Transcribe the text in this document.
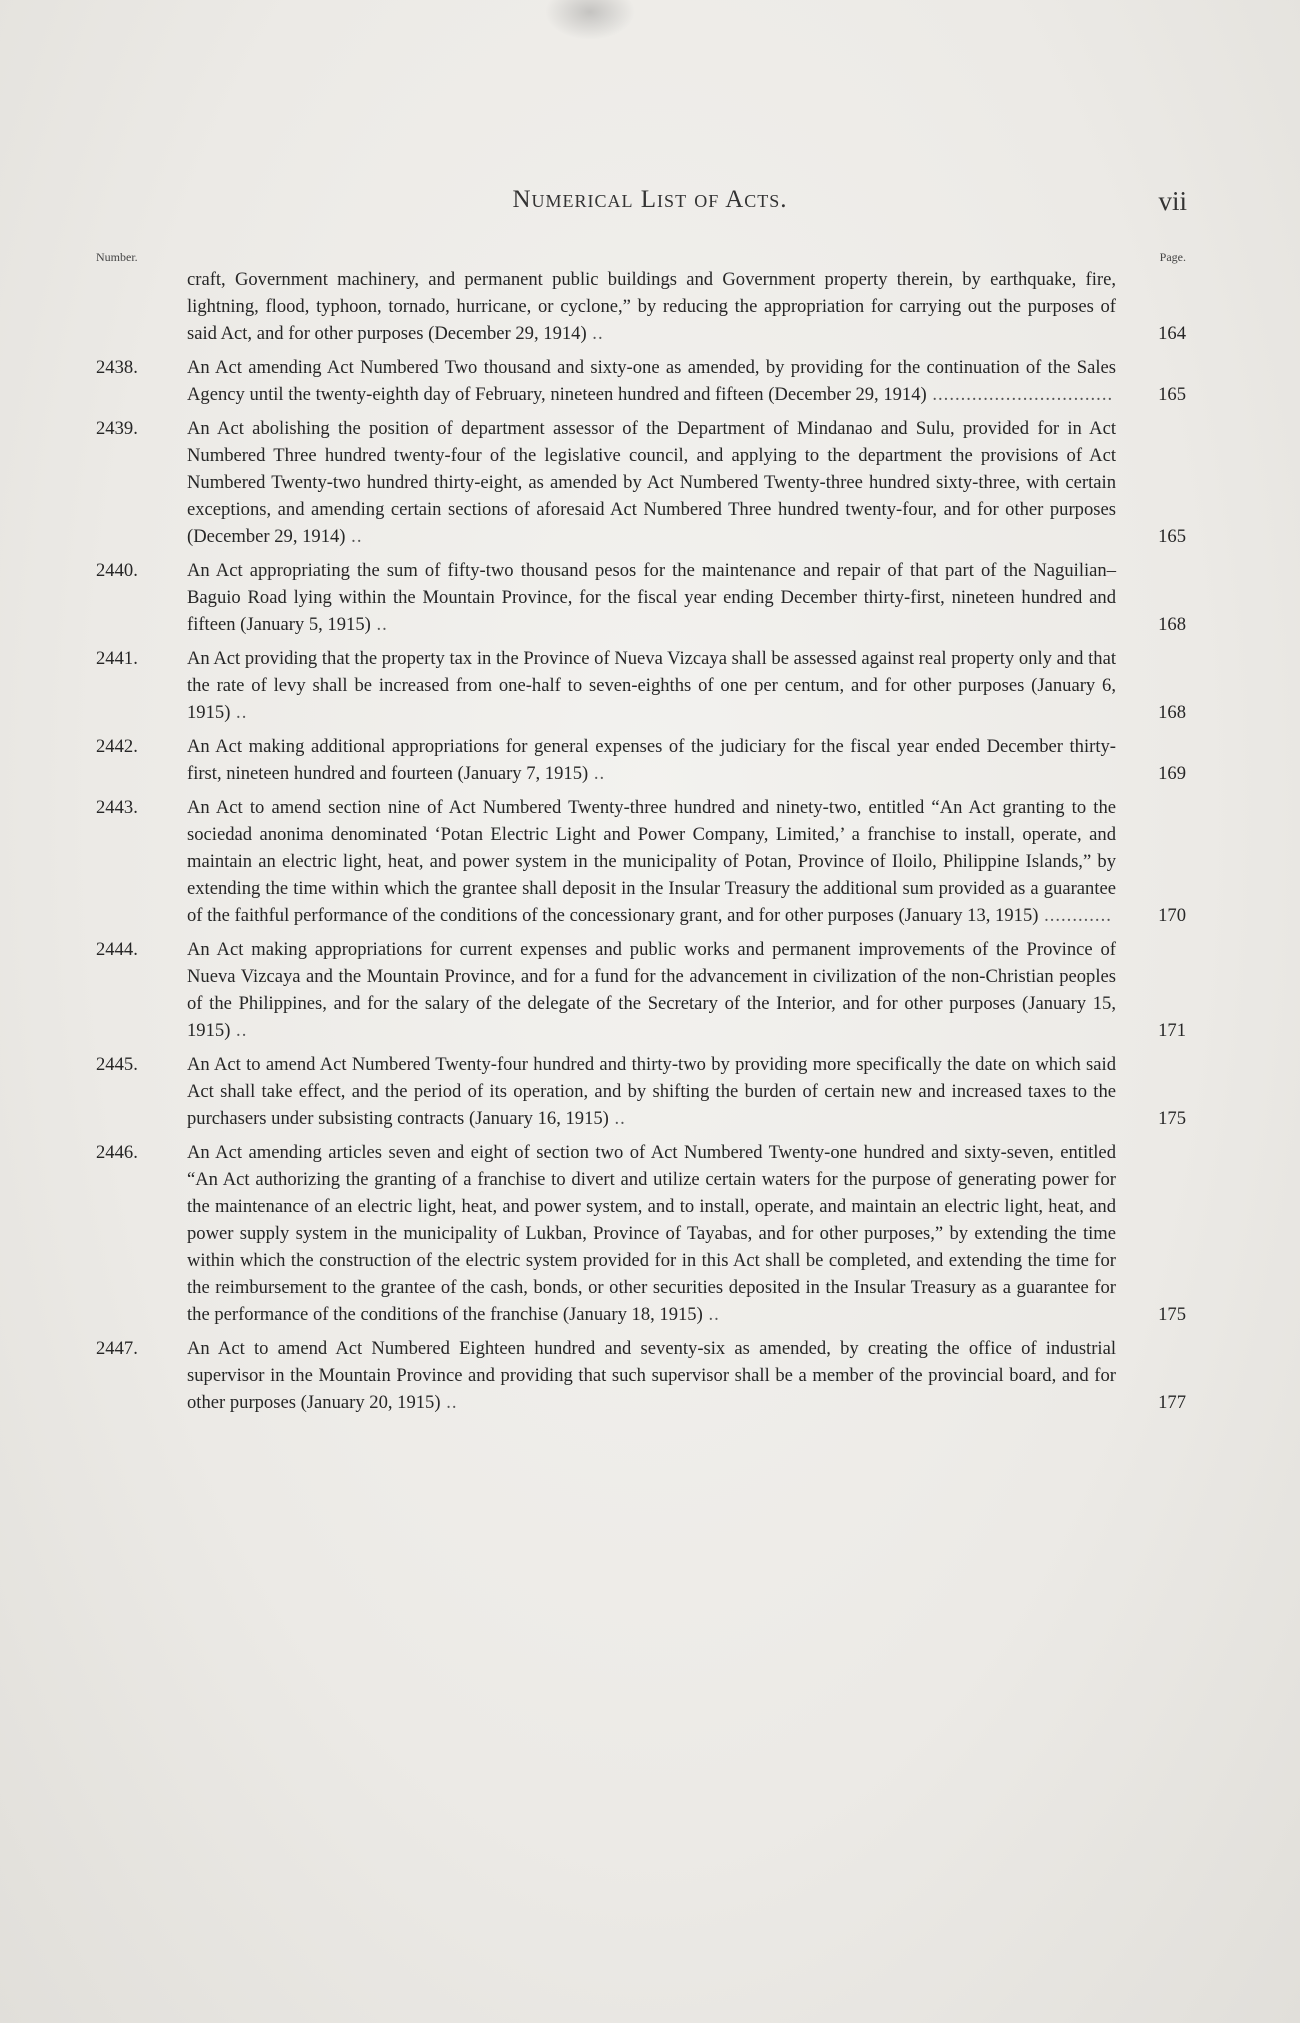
Numerical List of Acts.	vii
Number.	Page.
craft, Government machinery, and permanent public buildings and Government property therein, by earthquake, fire, lightning, flood, typhoon, tornado, hurricane, or cyclone,” by reducing the appropriation for carrying out the purposes of said Act, and for other purposes (December 29, 1914) ..	164
2438.	An Act amending Act Numbered Two thousand and sixty-one as amended, by providing for the continuation of the Sales Agency until the twenty-eighth day of February, nineteen hundred and fifteen (December 29, 1914) ................................	165
2439.	An Act abolishing the position of department assessor of the Department of Mindanao and Sulu, provided for in Act Numbered Three hundred twenty-four of the legislative council, and applying to the department the provisions of Act Numbered Twenty-two hundred thirty-eight, as amended by Act Numbered Twenty-three hundred sixty-three, with certain exceptions, and amending certain sections of aforesaid Act Numbered Three hundred twenty-four, and for other purposes (December 29, 1914) ..	165
2440.	An Act appropriating the sum of fifty-two thousand pesos for the maintenance and repair of that part of the Naguilian–Baguio Road lying within the Mountain Province, for the fiscal year ending December thirty-first, nineteen hundred and fifteen (January 5, 1915) ..	168
2441.	An Act providing that the property tax in the Province of Nueva Vizcaya shall be assessed against real property only and that the rate of levy shall be increased from one-half to seven-eighths of one per centum, and for other purposes (January 6, 1915) ..	168
2442.	An Act making additional appropriations for general expenses of the judiciary for the fiscal year ended December thirty-first, nineteen hundred and fourteen (January 7, 1915) ..	169
2443.	An Act to amend section nine of Act Numbered Twenty-three hundred and ninety-two, entitled “An Act granting to the sociedad anonima denominated ‘Potan Electric Light and Power Company, Limited,’ a franchise to install, operate, and maintain an electric light, heat, and power system in the municipality of Potan, Province of Iloilo, Philippine Islands,” by extending the time within which the grantee shall deposit in the Insular Treasury the additional sum provided as a guarantee of the faithful performance of the conditions of the concessionary grant, and for other purposes (January 13, 1915) ............	170
2444.	An Act making appropriations for current expenses and public works and permanent improvements of the Province of Nueva Vizcaya and the Mountain Province, and for a fund for the advancement in civilization of the non-Christian peoples of the Philippines, and for the salary of the delegate of the Secretary of the Interior, and for other purposes (January 15, 1915) ..	171
2445.	An Act to amend Act Numbered Twenty-four hundred and thirty-two by providing more specifically the date on which said Act shall take effect, and the period of its operation, and by shifting the burden of certain new and increased taxes to the purchasers under subsisting contracts (January 16, 1915) ..	175
2446.	An Act amending articles seven and eight of section two of Act Numbered Twenty-one hundred and sixty-seven, entitled “An Act authorizing the granting of a franchise to divert and utilize certain waters for the purpose of generating power for the maintenance of an electric light, heat, and power system, and to install, operate, and maintain an electric light, heat, and power supply system in the municipality of Lukban, Province of Tayabas, and for other purposes,” by extending the time within which the construction of the electric system provided for in this Act shall be completed, and extending the time for the reimbursement to the grantee of the cash, bonds, or other securities deposited in the Insular Treasury as a guarantee for the performance of the conditions of the franchise (January 18, 1915) ..	175
2447.	An Act to amend Act Numbered Eighteen hundred and seventy-six as amended, by creating the office of industrial supervisor in the Mountain Province and providing that such supervisor shall be a member of the provincial board, and for other purposes (January 20, 1915) ..	177
